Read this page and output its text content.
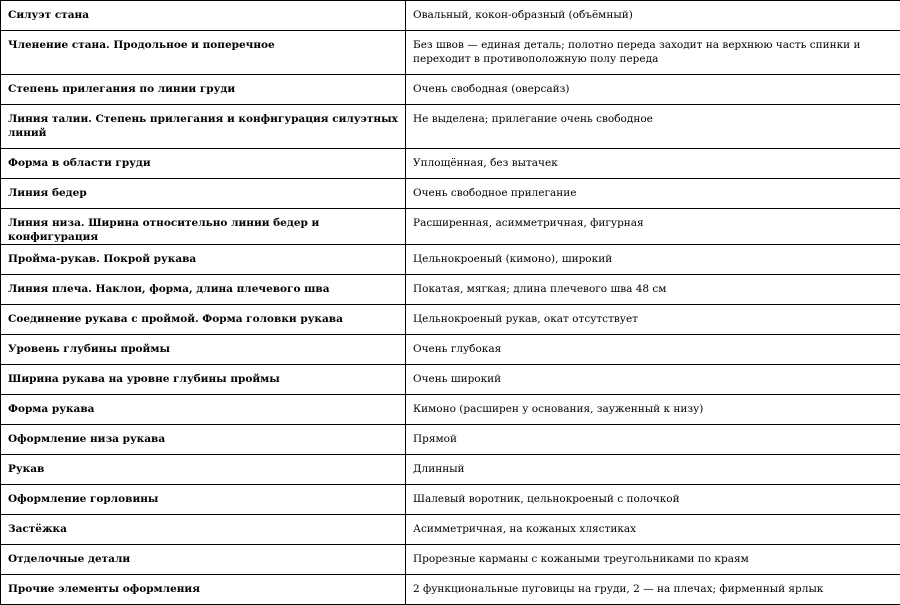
Силуэт стана	Овальный, кокон-образный (объёмный)
Членение стана. Продольное и поперечное	Без швов — единая деталь; полотно переда заходит на верхнюю часть спинки и переходит в противоположную полу переда
Степень прилегания по линии груди	Очень свободная (оверсайз)
Линия талии. Степень прилегания и конфигурация силуэтных линий	Не выделена; прилегание очень свободное
Форма в области груди	Уплощённая, без вытачек
Линия бедер	Очень свободное прилегание
Линия низа. Ширина относительно линии бедер и конфигурация	Расширенная, асимметричная, фигурная
Пройма-рукав. Покрой рукава	Цельнокроеный (кимоно), широкий
Линия плеча. Наклон, форма, длина плечевого шва	Покатая, мягкая; длина плечевого шва 48 см
Соединение рукава с проймой. Форма головки рукава	Цельнокроеный рукав, окат отсутствует
Уровень глубины проймы	Очень глубокая
Ширина рукава на уровне глубины проймы	Очень широкий
Форма рукава	Кимоно (расширен у основания, зауженный к низу)
Оформление низа рукава	Прямой
Рукав	Длинный
Оформление горловины	Шалевый воротник, цельнокроеный с полочкой
Застёжка	Асимметричная, на кожаных хлястиках
Отделочные детали	Прорезные карманы с кожаными треугольниками по краям
Прочие элементы оформления	2 функциональные пуговицы на груди, 2 — на плечах; фирменный ярлык
